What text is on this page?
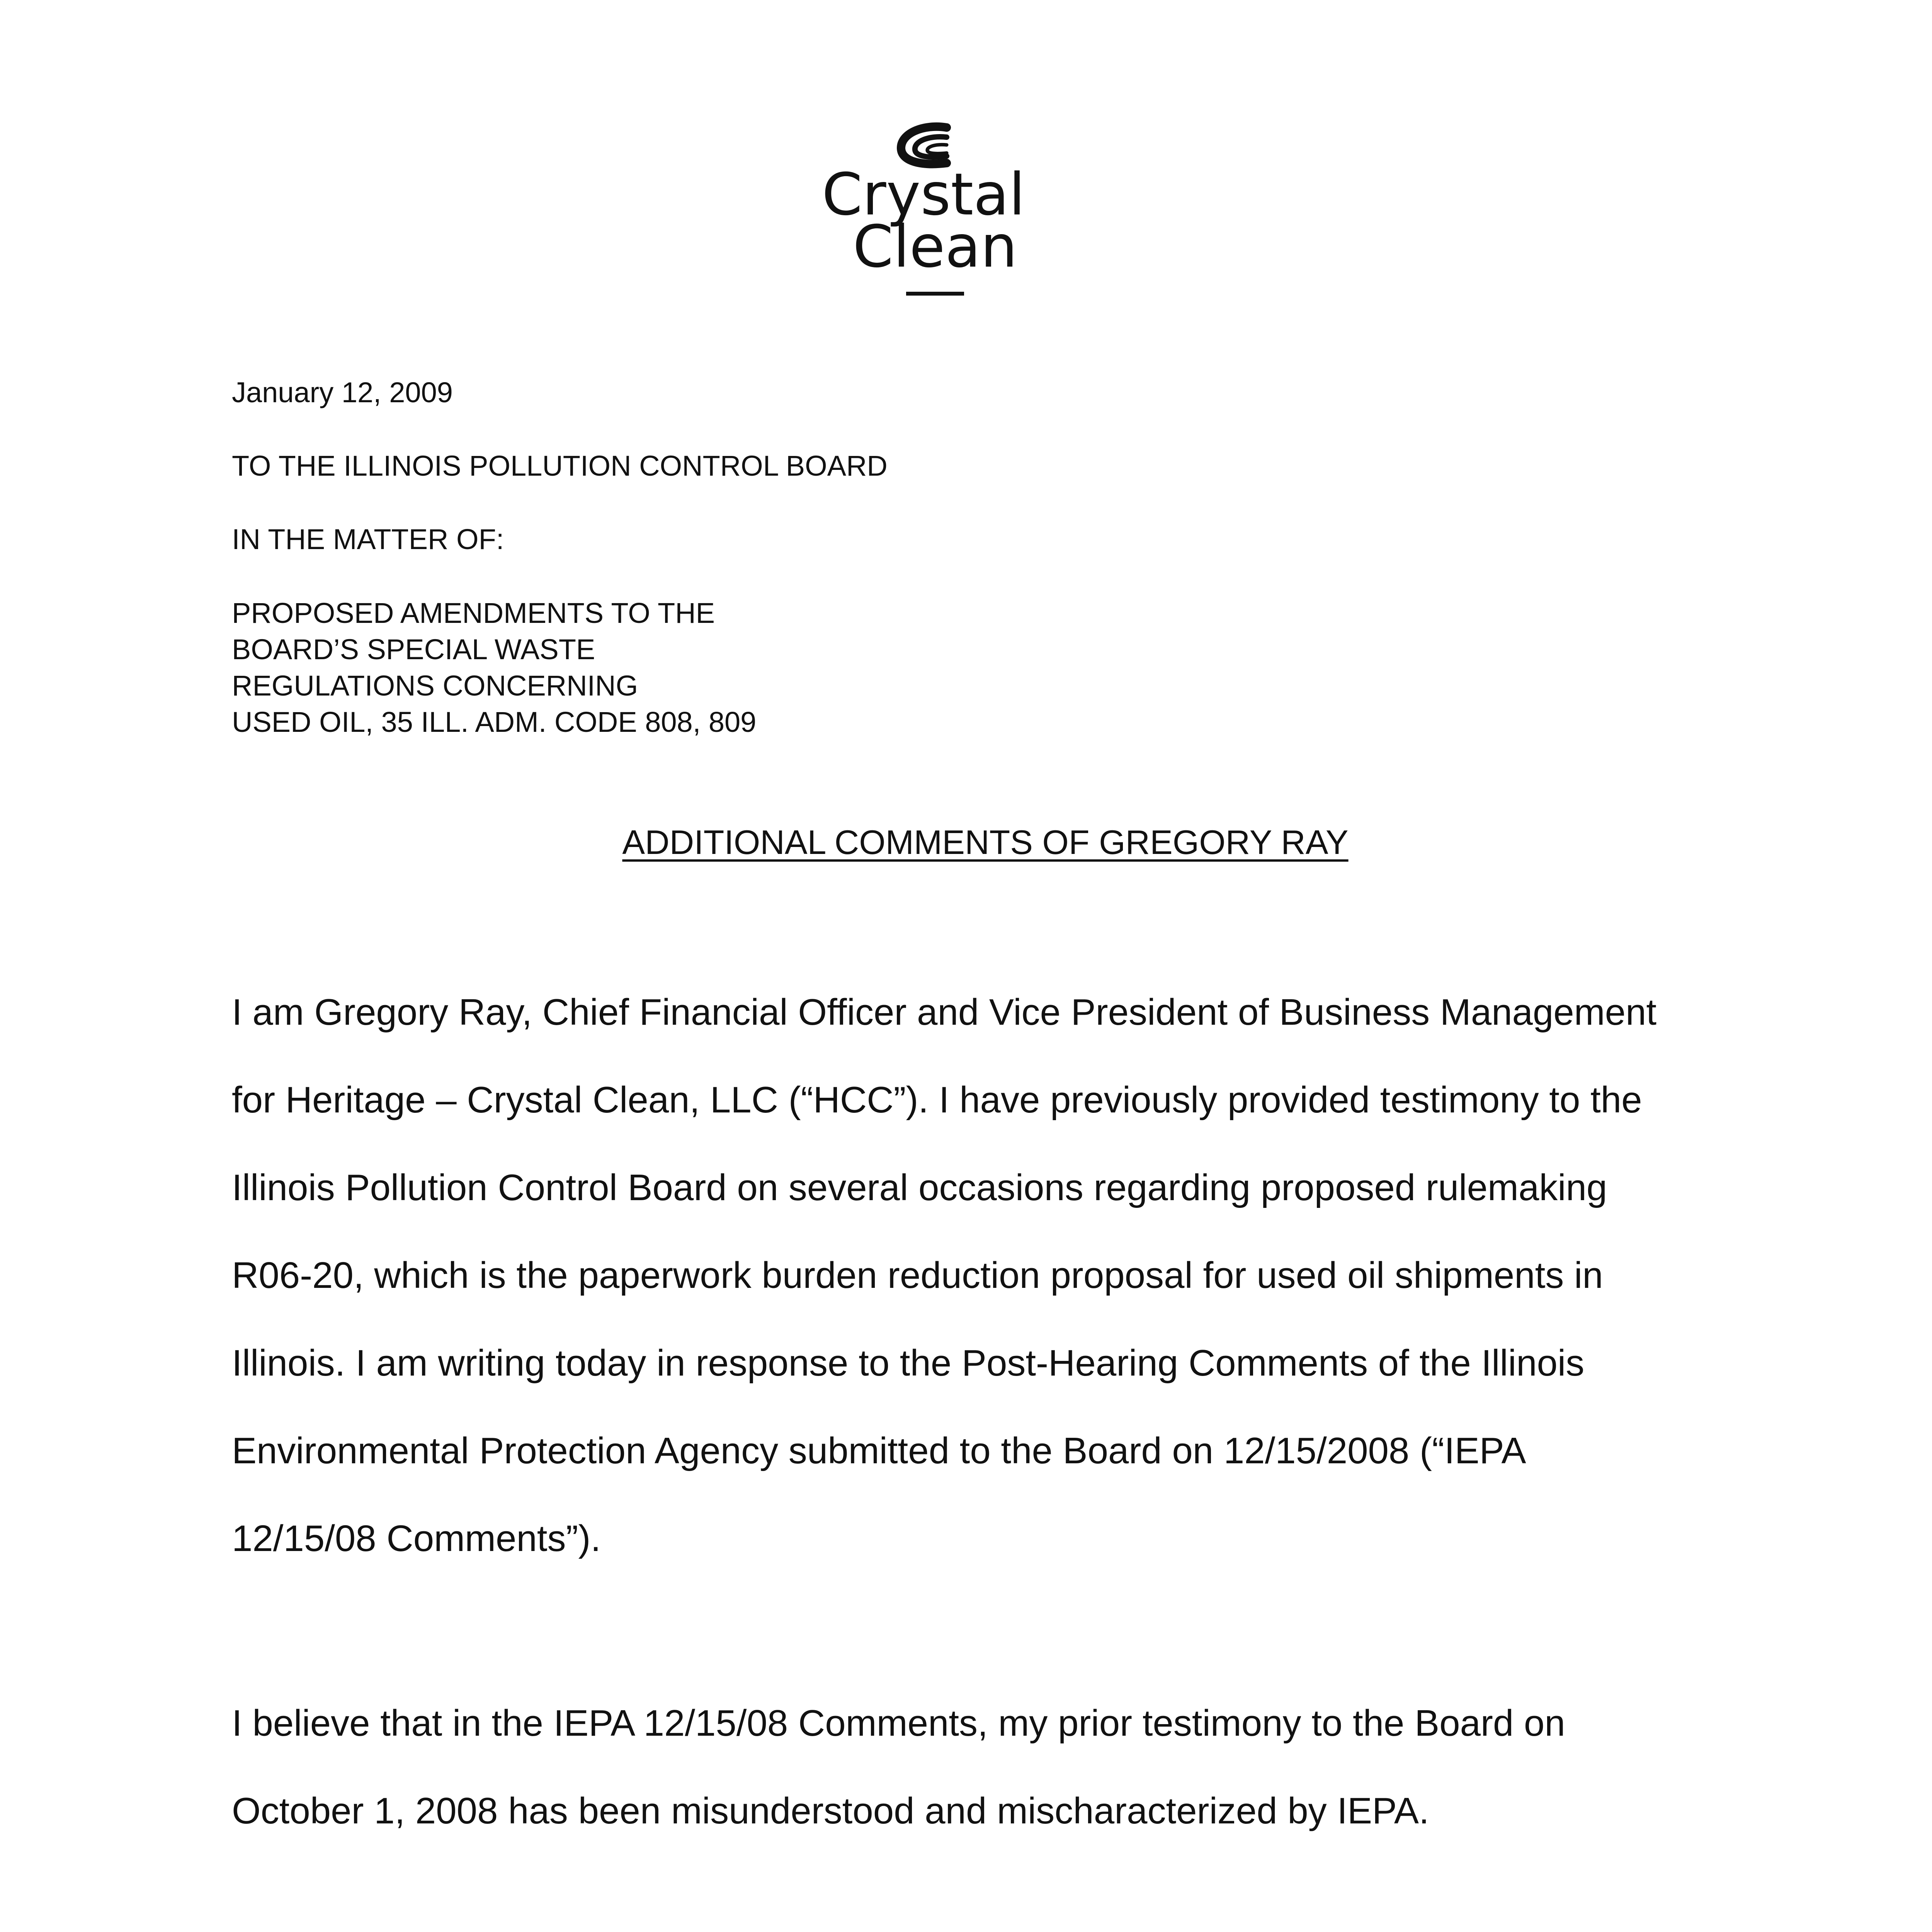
Crystal
Clean
January 12, 2009
TO THE ILLINOIS POLLUTION CONTROL BOARD
IN THE MATTER OF:
PROPOSED AMENDMENTS TO THE
BOARD’S SPECIAL WASTE
REGULATIONS CONCERNING
USED OIL, 35 ILL. ADM. CODE 808, 809
ADDITIONAL COMMENTS OF GREGORY RAY
I am Gregory Ray, Chief Financial Officer and Vice President of Business Management
for Heritage – Crystal Clean, LLC (“HCC”). I have previously provided testimony to the
Illinois Pollution Control Board on several occasions regarding proposed rulemaking
R06-20, which is the paperwork burden reduction proposal for used oil shipments in
Illinois. I am writing today in response to the Post-Hearing Comments of the Illinois
Environmental Protection Agency submitted to the Board on 12/15/2008 (“IEPA
12/15/08 Comments”).
I believe that in the IEPA 12/15/08 Comments, my prior testimony to the Board on
October 1, 2008 has been misunderstood and mischaracterized by IEPA.
